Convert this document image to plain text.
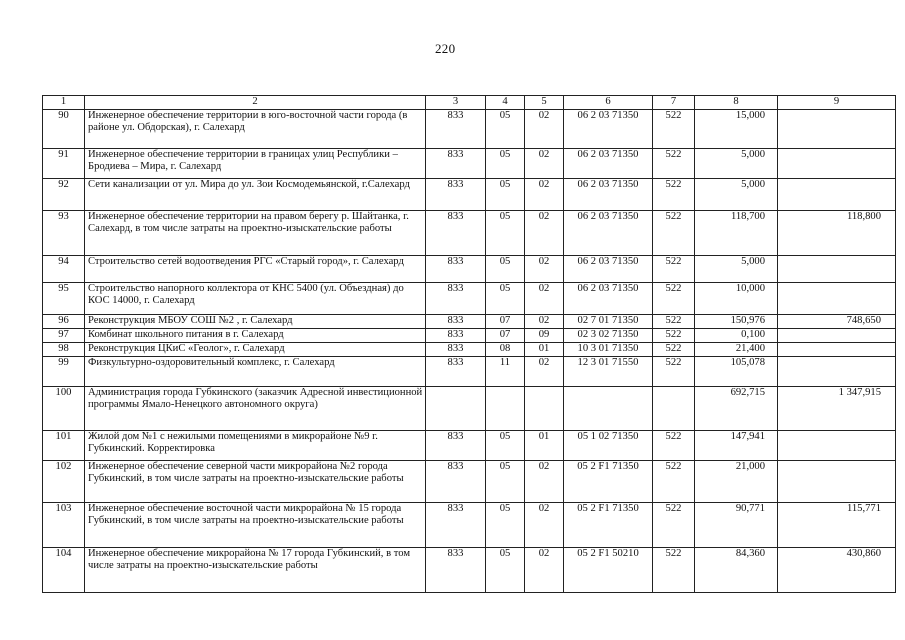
220
1	2	3	4	5	6	7	8	9
90	Инженерное обеспечение территории в юго-восточной части города (в районе ул. Обдорская), г. Салехард	833	05	02	06 2 03 71350	522	15,000	
91	Инженерное обеспечение территории в границах улиц Республики – Бродиева – Мира, г. Салехард	833	05	02	06 2 03 71350	522	5,000	
92	Сети канализации от ул. Мира до ул. Зои Космодемьянской, г.Салехард	833	05	02	06 2 03 71350	522	5,000	
93	Инженерное обеспечение территории на правом берегу р. Шайтанка, г. Салехард, в том числе затраты на проектно-изыскательские работы	833	05	02	06 2 03 71350	522	118,700	118,800
94	Строительство сетей водоотведения РГС «Старый город», г. Салехард	833	05	02	06 2 03 71350	522	5,000	
95	Строительство напорного коллектора от КНС 5400 (ул. Объездная) до КОС 14000, г. Салехард	833	05	02	06 2 03 71350	522	10,000	
96	Реконструкция МБОУ СОШ №2 , г. Салехард	833	07	02	02 7 01 71350	522	150,976	748,650
97	Комбинат школьного питания в г. Салехард	833	07	09	02 3 02 71350	522	0,100	
98	Реконструкция ЦКиС «Геолог», г. Салехард	833	08	01	10 3 01 71350	522	21,400	
99	Физкультурно-оздоровительный комплекс, г. Салехард	833	11	02	12 3 01 71550	522	105,078	
100	Администрация города Губкинского (заказчик Адресной инвестиционной программы Ямало-Ненецкого автономного округа)						692,715	1 347,915
101	Жилой дом №1 с нежилыми помещениями в микрорайоне №9 г. Губкинский. Корректировка	833	05	01	05 1 02 71350	522	147,941	
102	Инженерное обеспечение северной части микрорайона №2 города Губкинский, в том числе затраты на проектно-изыскательские работы	833	05	02	05 2 F1 71350	522	21,000	
103	Инженерное обеспечение восточной части микрорайона № 15 города Губкинский, в том числе затраты на проектно-изыскательские работы	833	05	02	05 2 F1 71350	522	90,771	115,771
104	Инженерное обеспечение микрорайона № 17 города Губкинский, в том числе затраты на проектно-изыскательские работы	833	05	02	05 2 F1 50210	522	84,360	430,860
